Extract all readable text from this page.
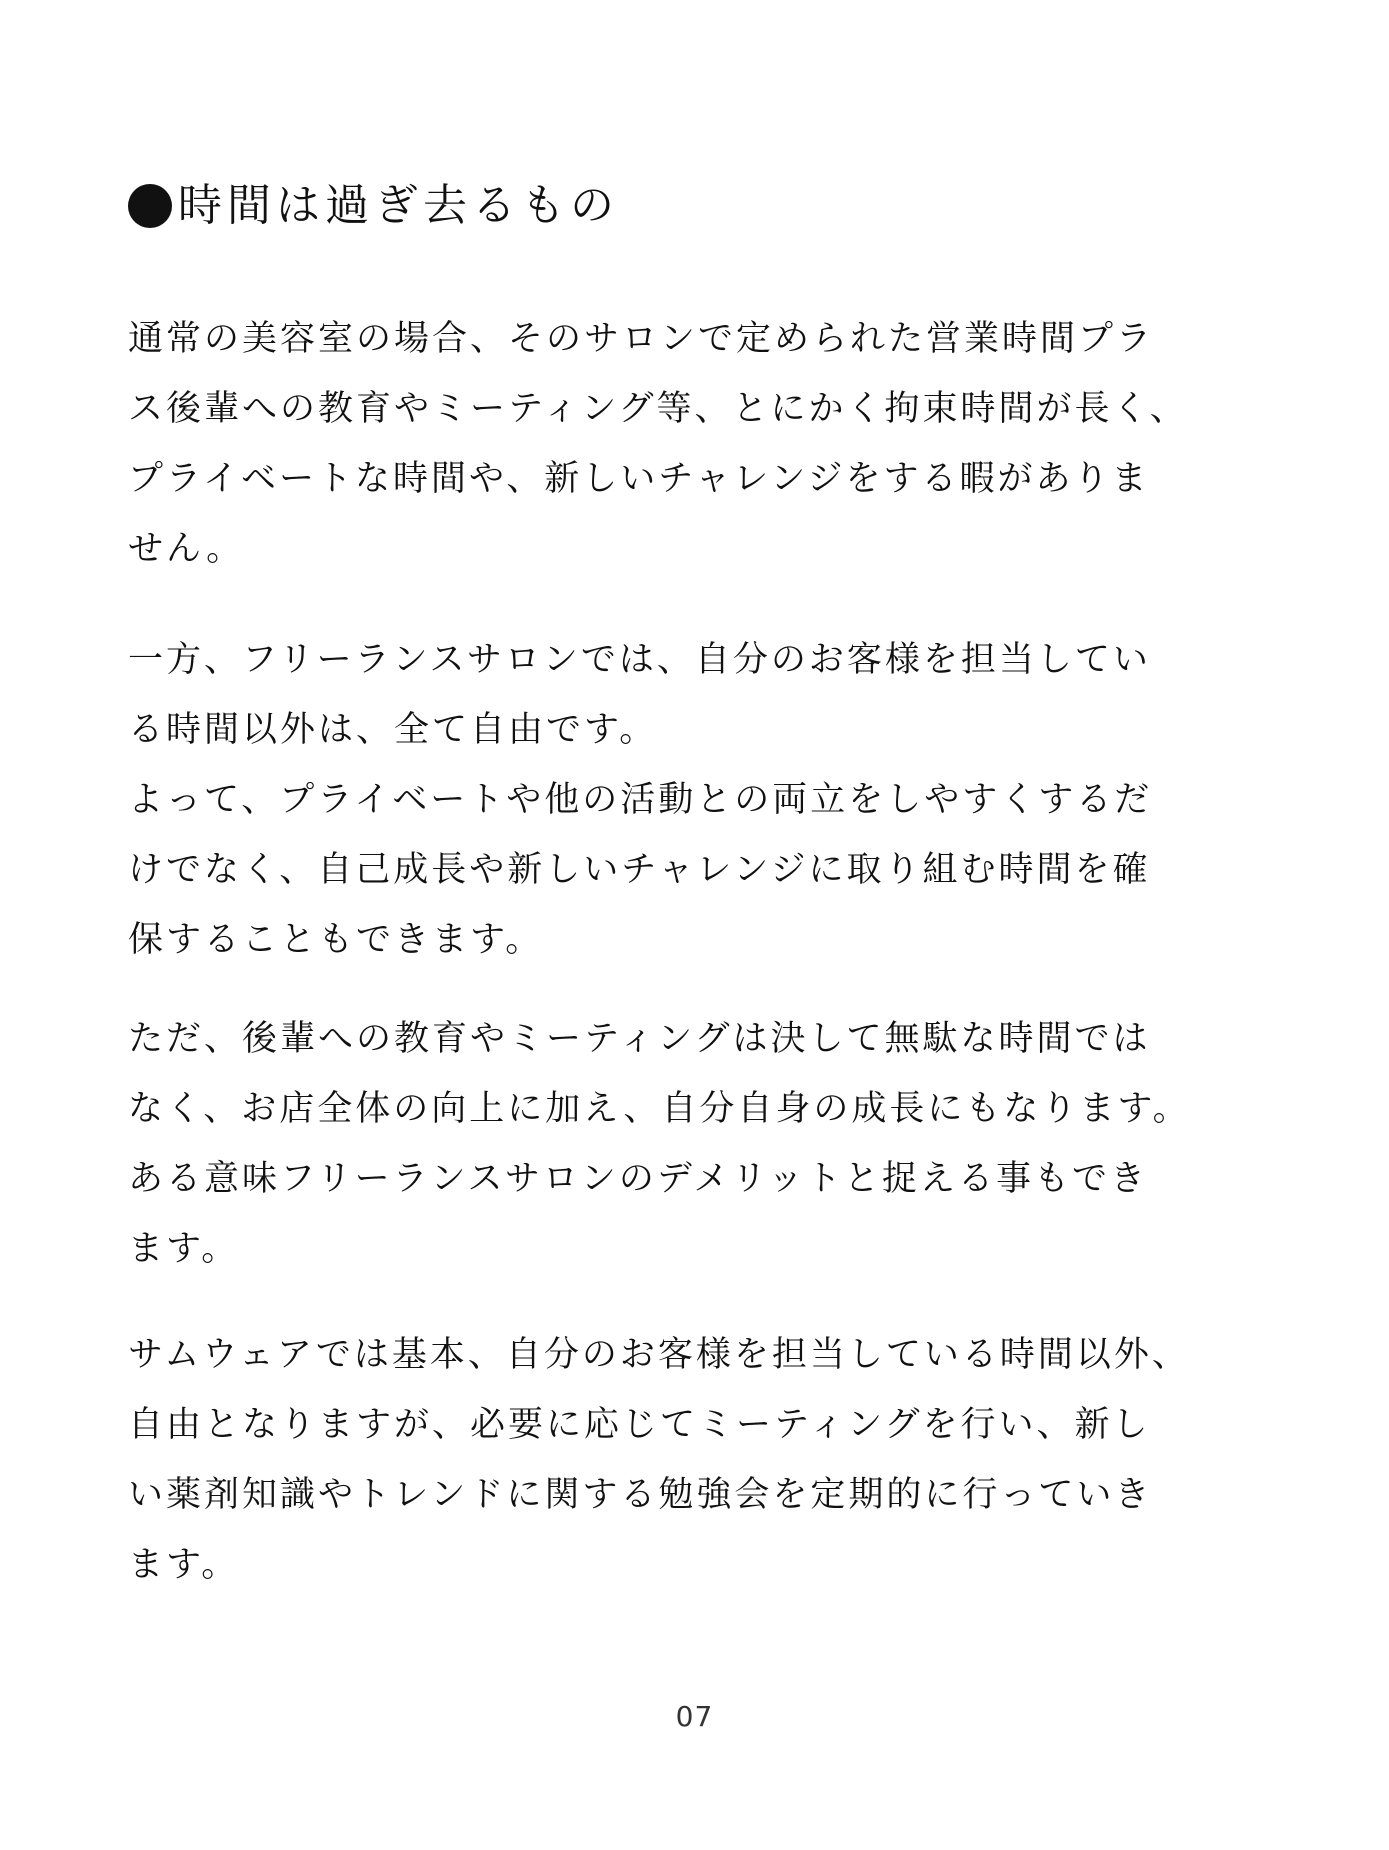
時間は過ぎ去るもの
通常の美容室の場合、そのサロンで定められた営業時間プラ
ス後輩への教育やミーティング等、とにかく拘束時間が長く、
プライベートな時間や、新しいチャレンジをする暇がありま
せん。
一方、フリーランスサロンでは、自分のお客様を担当してい
る時間以外は、全て自由です。
よって、プライベートや他の活動との両立をしやすくするだ
けでなく、自己成長や新しいチャレンジに取り組む時間を確
保することもできます。
ただ、後輩への教育やミーティングは決して無駄な時間では
なく、お店全体の向上に加え、自分自身の成長にもなります。
ある意味フリーランスサロンのデメリットと捉える事もでき
ます。
サムウェアでは基本、自分のお客様を担当している時間以外、
自由となりますが、必要に応じてミーティングを行い、新し
い薬剤知識やトレンドに関する勉強会を定期的に行っていき
ます。
07
